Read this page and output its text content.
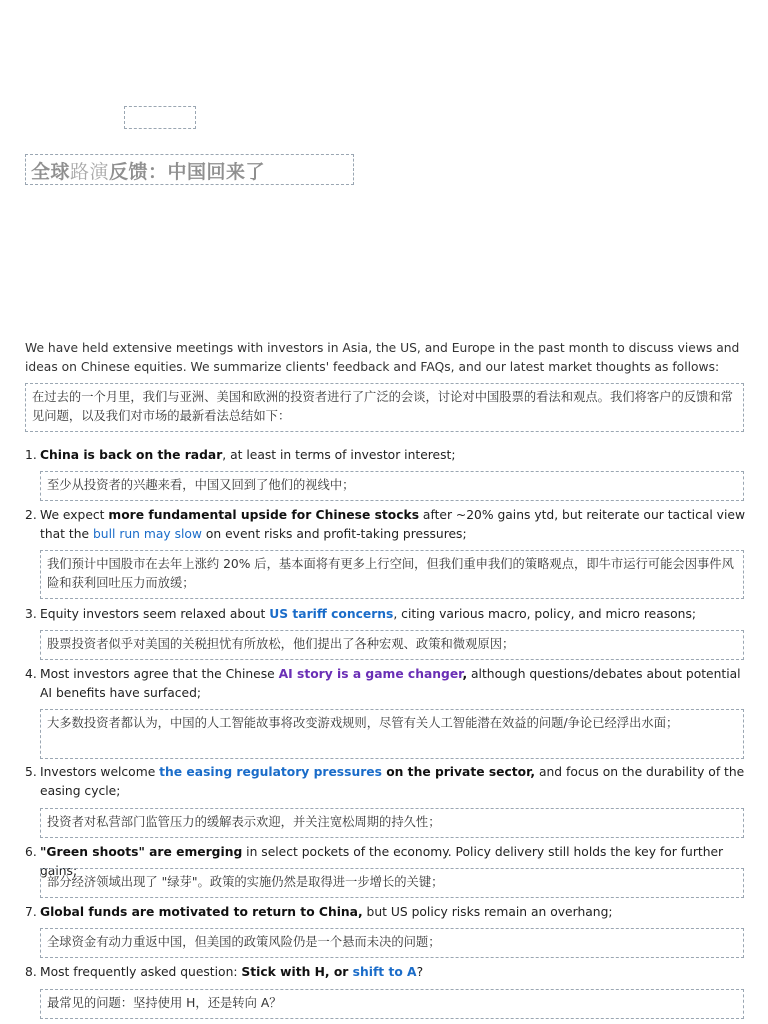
全球路演反馈：中国回来了
We have held extensive meetings with investors in Asia, the US, and Europe in the past month to discuss views and ideas on Chinese equities. We summarize clients' feedback and FAQs, and our latest market thoughts as follows:
在过去的一个月里，我们与亚洲、美国和欧洲的投资者进行了广泛的会谈，讨论对中国股票的看法和观点。我们将客户的反馈和常见问题，以及我们对市场的最新看法总结如下：
1. China is back on the radar, at least in terms of investor interest;
至少从投资者的兴趣来看，中国又回到了他们的视线中；
2. We expect more fundamental upside for Chinese stocks after ~20% gains ytd, but reiterate our tactical view that the bull run may slow on event risks and profit-taking pressures;
我们预计中国股市在去年上涨约 20% 后，基本面将有更多上行空间，但我们重申我们的策略观点，即牛市运行可能会因事件风险和获利回吐压力而放缓；
3. Equity investors seem relaxed about US tariff concerns, citing various macro, policy, and micro reasons;
股票投资者似乎对美国的关税担忧有所放松，他们提出了各种宏观、政策和微观原因；
4. Most investors agree that the Chinese AI story is a game changer, although questions/debates about potential AI benefits have surfaced;
大多数投资者都认为，中国的人工智能故事将改变游戏规则，尽管有关人工智能潜在效益的问题/争论已经浮出水面；
5. Investors welcome the easing regulatory pressures on the private sector, and focus on the durability of the easing cycle;
投资者对私营部门监管压力的缓解表示欢迎，并关注宽松周期的持久性；
6. "Green shoots" are emerging in select pockets of the economy. Policy delivery still holds the key for further gains;
部分经济领域出现了 "绿芽"。政策的实施仍然是取得进一步增长的关键；
7. Global funds are motivated to return to China, but US policy risks remain an overhang;
全球资金有动力重返中国，但美国的政策风险仍是一个悬而未决的问题；
8. Most frequently asked question: Stick with H, or shift to A?
最常见的问题：坚持使用 H，还是转向 A？
